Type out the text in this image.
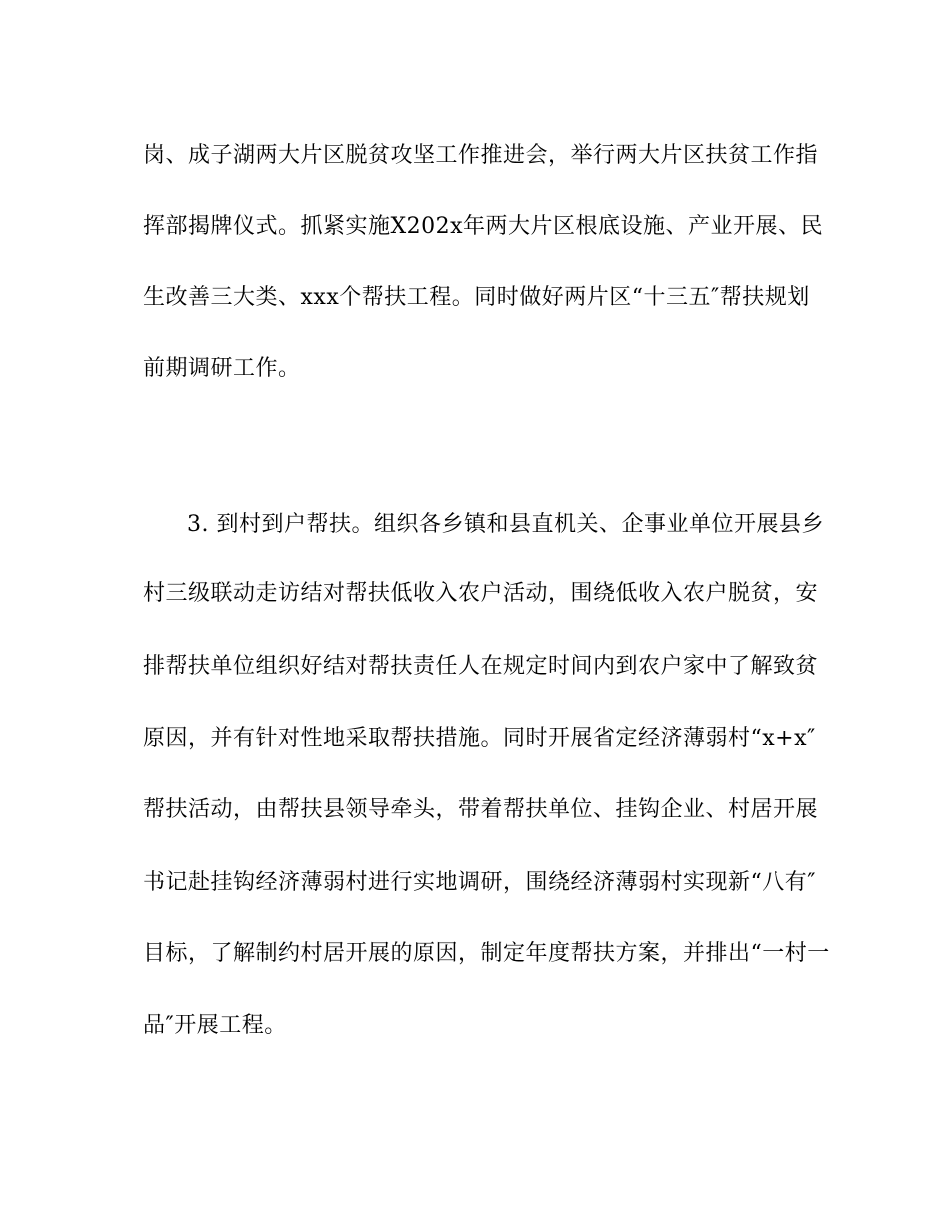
岗、成子湖两大片区脱贫攻坚工作推进会，举行两大片区扶贫工作指
挥部揭牌仪式。抓紧实施X202x年两大片区根底设施、产业开展、民
生改善三大类、xxx个帮扶工程。同时做好两片区“十三五″帮扶规划
前期调研工作。
3. 到村到户帮扶。组织各乡镇和县直机关、企事业单位开展县乡
村三级联动走访结对帮扶低收入农户活动，围绕低收入农户脱贫，安
排帮扶单位组织好结对帮扶责任人在规定时间内到农户家中了解致贫
原因，并有针对性地采取帮扶措施。同时开展省定经济薄弱村“x+x″
帮扶活动，由帮扶县领导牵头，带着帮扶单位、挂钩企业、村居开展
书记赴挂钩经济薄弱村进行实地调研，围绕经济薄弱村实现新“八有″
目标，了解制约村居开展的原因，制定年度帮扶方案，并排出“一村一
品″开展工程。
